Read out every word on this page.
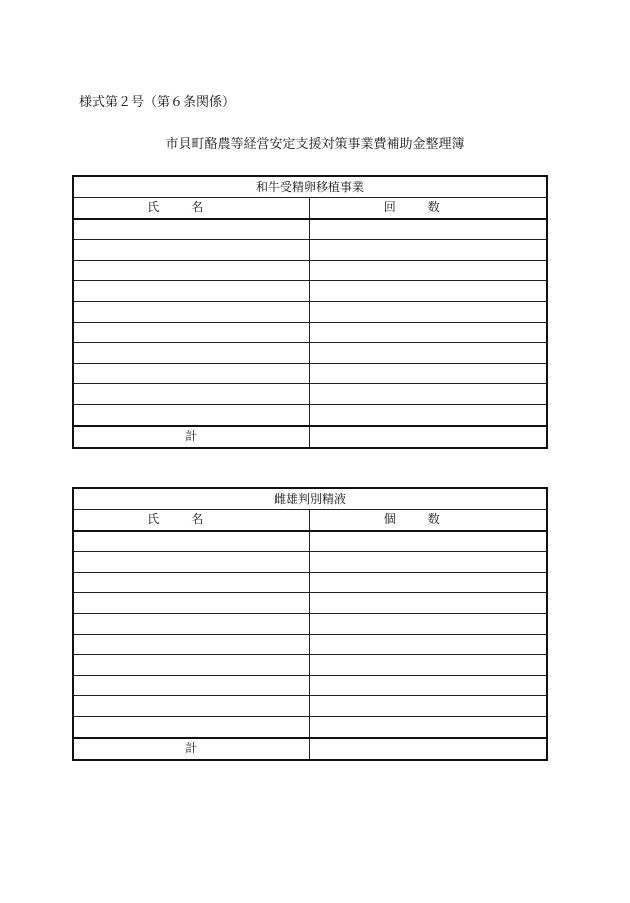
様式第２号（第６条関係）
市貝町酪農等経営安定支援対策事業費補助金整理簿
和牛受精卵移植事業	
氏名	回数

計	
雌雄判別精液	
氏名	個数

計	
